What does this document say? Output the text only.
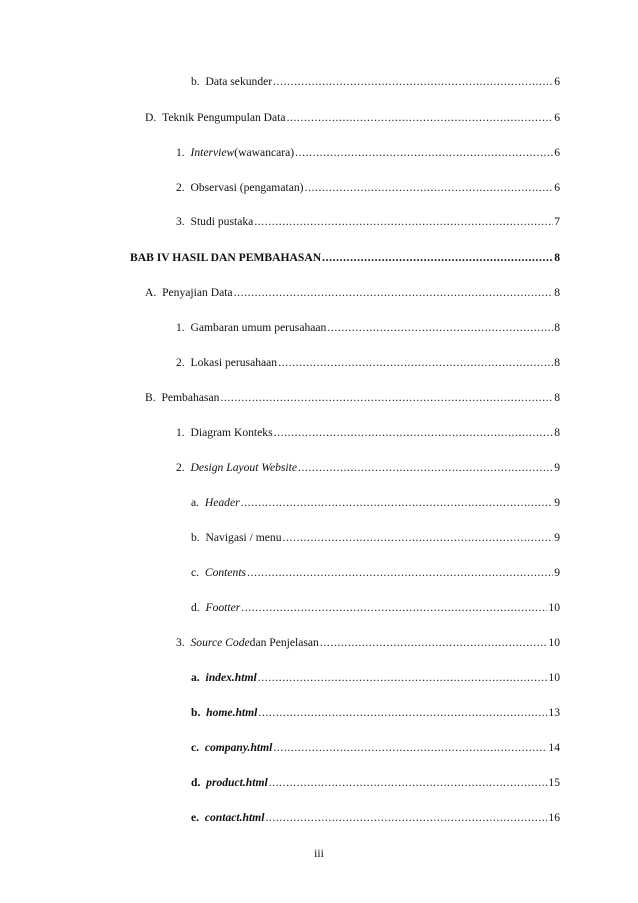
b.
Data sekunder .....	6
D.
Teknik Pengumpulan Data .....	6
1.
Interview (wawancara) .....	6
2.
Observasi (pengamatan) .....	6
3.
Studi pustaka .....	7
BAB IV HASIL DAN PEMBAHASAN .....	8
A.
Penyajian Data .....	8
1.
Gambaran umum perusahaan .....	8
2.
Lokasi perusahaan .....	8
B.
Pembahasan .....	8
1.
Diagram Konteks .....	8
2.
Design Layout Website .....	9
a.
Header .....	9
b.
Navigasi / menu .....	9
c.
Contents .....	9
d.
Footter .....	10
3.
Source Code dan Penjelasan .....	10
a.
index.html .....	10
b.
home.html .....	13
c.
company.html .....	14
d.
product.html .....	15
e.
contact.html .....	16
iii
